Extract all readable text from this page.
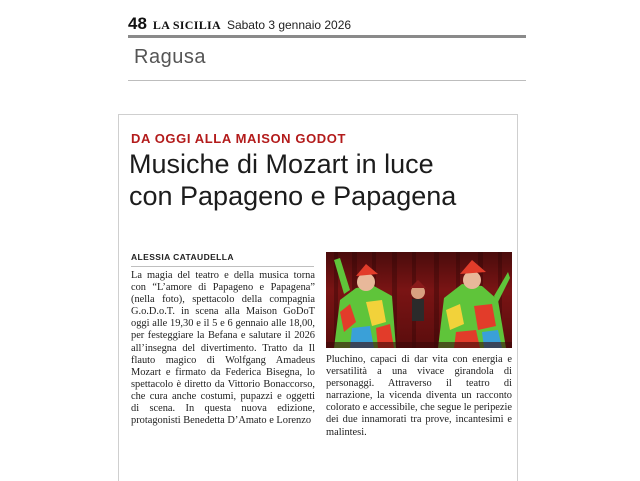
48 LA SICILIA Sabato 3 gennaio 2026
Ragusa
DA OGGI ALLA MAISON GODOT
Musiche di Mozart in luce
con Papageno e Papagena
ALESSIA CATAUDELLA
La magia del teatro e della musica torna con “L’amore di Papageno e Papagena” (nella foto), spettacolo della compagnia G.o.D.o.T. in scena alla Maison GoDoT oggi alle 19,30 e il 5 e 6 gennaio alle 18,00, per festeggiare la Befana e salutare il 2026 all’insegna del divertimento. Tratto da Il flauto magico di Wolfgang Amadeus Mozart e firmato da Federica Bisegna, lo spettacolo è diretto da Vittorio Bonaccorso, che cura anche costumi, pupazzi e oggetti di scena. In questa nuova edizione, protagonisti Benedetta D’Amato e Lorenzo
Pluchino, capaci di dar vita con energia e versatilità a una vivace girandola di personaggi. Attraverso il teatro di narrazione, la vicenda diventa un racconto colorato e accessibile, che segue le peripezie dei due innamorati tra prove, incantesimi e malintesi.
